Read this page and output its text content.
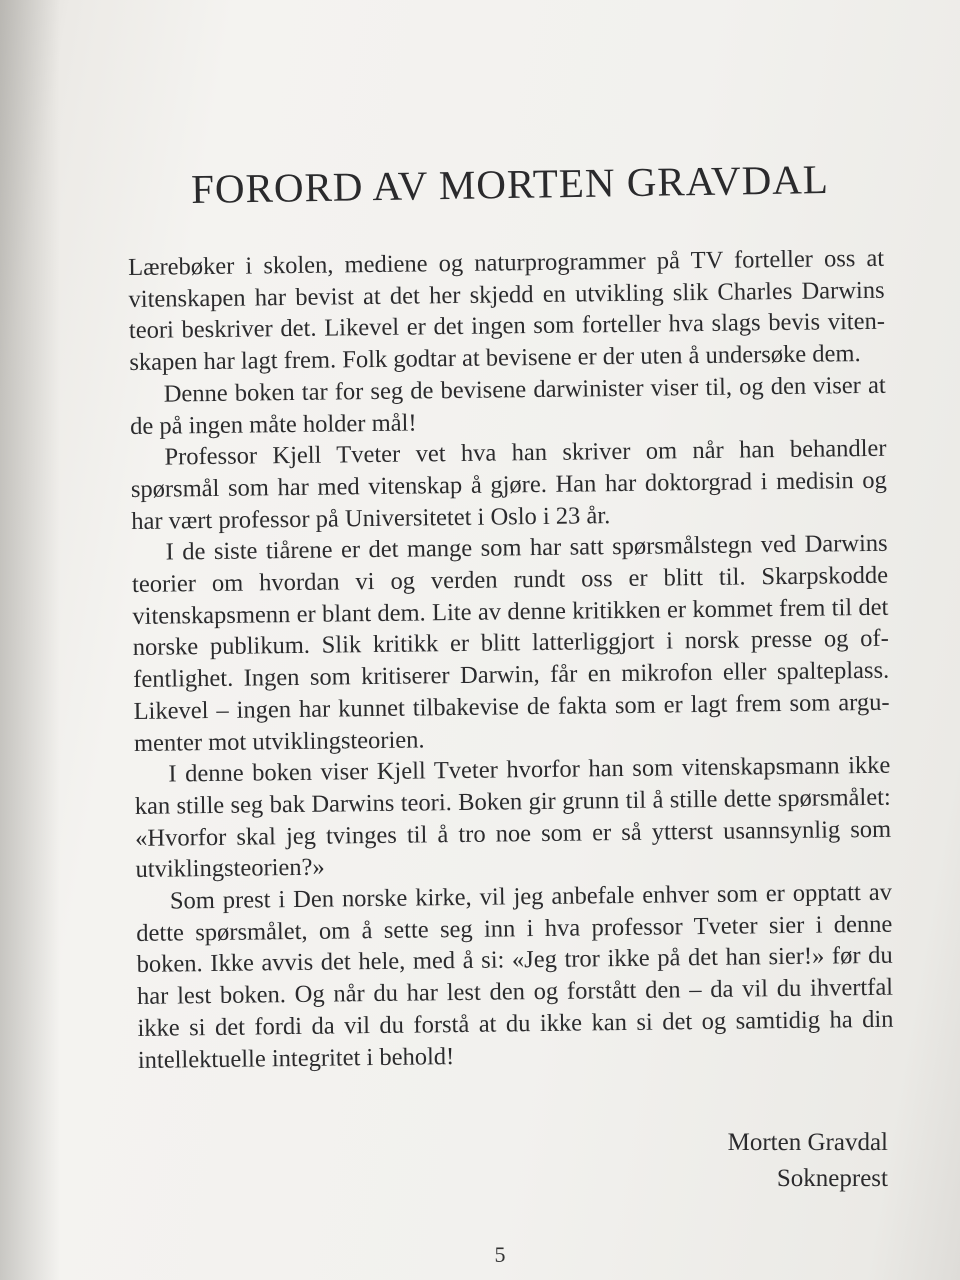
FORORD AV MORTEN GRAVDAL

Lærebøker i skolen, mediene og naturprogrammer på TV forteller oss at vitenskapen har bevist at det her skjedd en utvikling slik Charles Darwins teori beskriver det. Likevel er det ingen som forteller hva slags bevis vitenskapen har lagt frem. Folk godtar at bevisene er der uten å undersøke dem.

Denne boken tar for seg de bevisene darwinister viser til, og den viser at de på ingen måte holder mål!

Professor Kjell Tveter vet hva han skriver om når han behandler spørsmål som har med vitenskap å gjøre. Han har doktorgrad i medisin og har vært professor på Universitetet i Oslo i 23 år.

I de siste tiårene er det mange som har satt spørsmålstegn ved Darwins teorier om hvordan vi og verden rundt oss er blitt til. Skarpskodde vitenskapsmenn er blant dem. Lite av denne kritikken er kommet frem til det norske publikum. Slik kritikk er blitt latterliggjort i norsk presse og offentlighet. Ingen som kritiserer Darwin, får en mikrofon eller spalteplass. Likevel – ingen har kunnet tilbakevise de fakta som er lagt frem som argumenter mot utviklingsteorien.

I denne boken viser Kjell Tveter hvorfor han som vitenskapsmann ikke kan stille seg bak Darwins teori. Boken gir grunn til å stille dette spørsmålet: «Hvorfor skal jeg tvinges til å tro noe som er så ytterst usannsynlig som utviklingsteorien?»

Som prest i Den norske kirke, vil jeg anbefale enhver som er opptatt av dette spørsmålet, om å sette seg inn i hva professor Tveter sier i denne boken. Ikke avvis det hele, med å si: «Jeg tror ikke på det han sier!» før du har lest boken. Og når du har lest den og forstått den – da vil du ihvertfal ikke si det fordi da vil du forstå at du ikke kan si det og samtidig ha din intellektuelle integritet i behold!

Morten Gravdal
Sokneprest
5
